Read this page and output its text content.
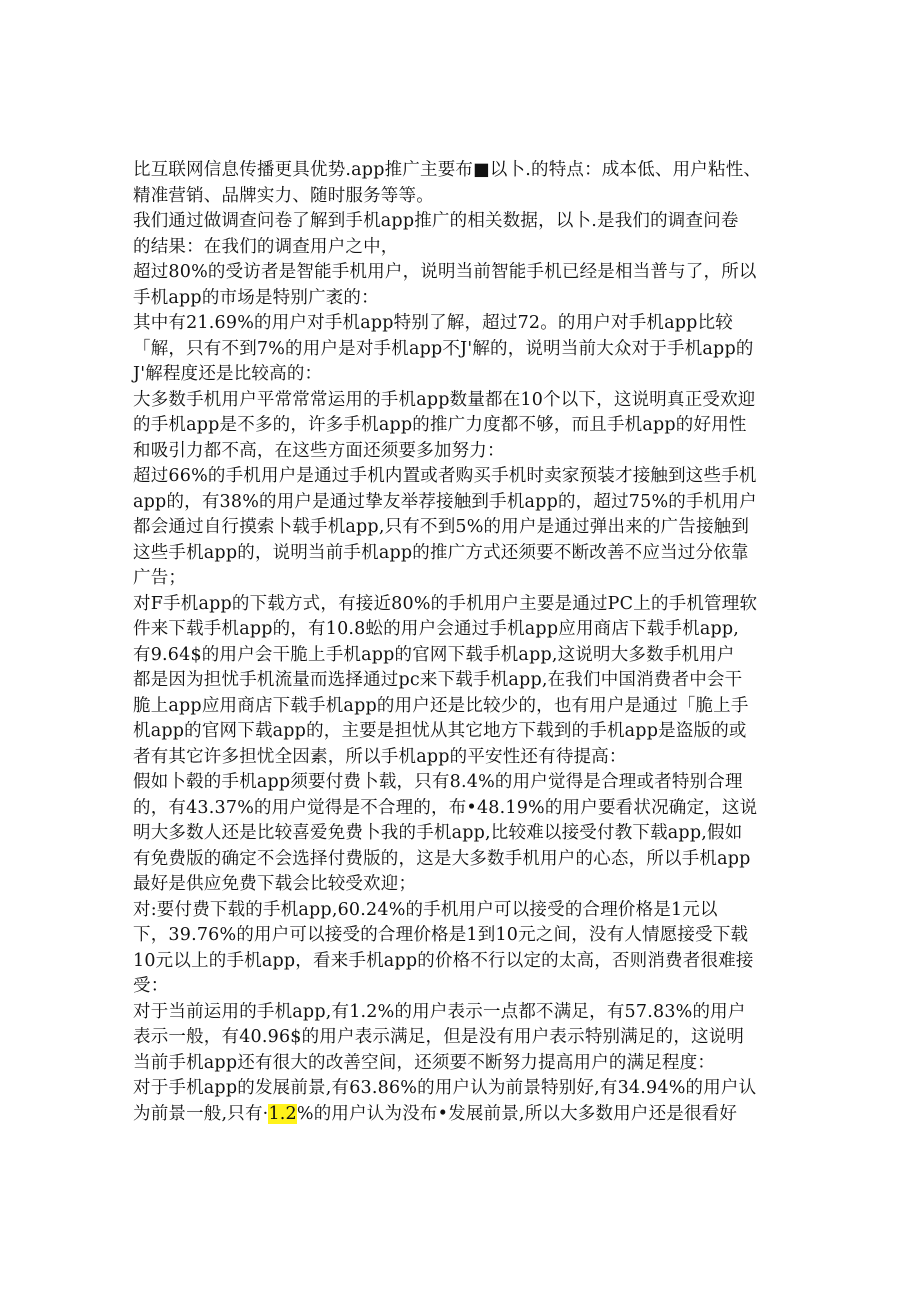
比互联网信息传播更具优势.app推广主要布■以卜.的特点：成本低、用户粘性、
精准营销、品牌实力、随时服务等等。
我们通过做调查问卷了解到手机app推广的相关数据，以卜.是我们的调查问卷
的结果：在我们的调查用户之中，
超过80%的受访者是智能手机用户，说明当前智能手机已经是相当普与了，所以
手机app的市场是特别广袤的：
其中有21.69%的用户对手机app特别了解，超过72。的用户对手机app比较
「解，只有不到7%的用户是对手机app不J'解的，说明当前大众对于手机app的
J'解程度还是比较高的：
大多数手机用户平常常常运用的手机app数量都在10个以下，这说明真正受欢迎
的手机app是不多的，许多手机app的推广力度都不够，而且手机app的好用性
和吸引力都不高，在这些方面还须要多加努力：
超过66%的手机用户是通过手机内置或者购买手机时卖家预装才接触到这些手机
app的，有38%的用户是通过挚友举荐接触到手机app的，超过75%的手机用户
都会通过自行摸索卜载手机app,只有不到5%的用户是通过弹出来的广告接触到
这些手机app的，说明当前手机app的推广方式还须要不断改善不应当过分依靠
广告；
对F手机app的下载方式，有接近80%的手机用户主要是通过PC上的手机管理软
件来下载手机app的，有10.8蚣的用户会通过手机app应用商店下载手机app,
有9.64$的用户会干脆上手机app的官网下载手机app,这说明大多数手机用户
都是因为担忧手机流量而选择通过pc来下载手机app,在我们中国消费者中会干
脆上app应用商店下载手机app的用户还是比较少的，也有用户是通过「脆上手
机app的官网下载app的，主要是担忧从其它地方下载到的手机app是盗版的或
者有其它许多担忧全因素，所以手机app的平安性还有待提高：
假如卜毂的手机app须要付费卜载，只有8.4%的用户觉得是合理或者特别合理
的，有43.37%的用户觉得是不合理的，布•48.19%的用户要看状况确定，这说
明大多数人还是比较喜爱免费卜我的手机app,比较难以接受付教下载app,假如
有免费版的确定不会选择付费版的，这是大多数手机用户的心态，所以手机app
最好是供应免费下载会比较受欢迎；
对:要付费下载的手机app,60.24%的手机用户可以接受的合理价格是1元以
下，39.76%的用户可以接受的合理价格是1到10元之间，没有人情愿接受下载
10元以上的手机app，看来手机app的价格不行以定的太高，否则消费者很难接
受：
对于当前运用的手机app,有1.2%的用户表示一点都不满足，有57.83%的用户
表示一般，有40.96$的用户表示满足，但是没有用户表示特别满足的，这说明
当前手机app还有很大的改善空间，还须要不断努力提高用户的满足程度：
对于手机app的发展前景,有63.86%的用户认为前景特别好,有34.94%的用户认
为前景一般,只有·1.2%的用户认为没布•发展前景,所以大多数用户还是很看好
